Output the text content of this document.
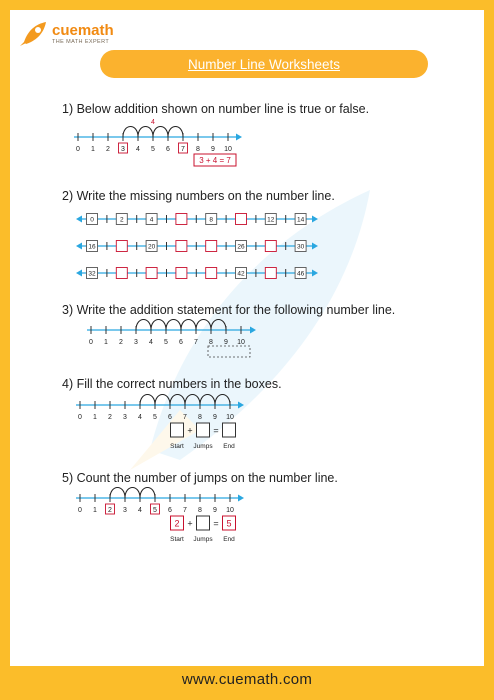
cuemath
THE MATH EXPERT
Number Line Worksheets
1) Below addition shown on number line is true or false.
2) Write the missing numbers on the number line.
3) Write the addition statement for the following number line.
4) Fill the correct numbers in the boxes.
5) Count the number of jumps on the number line.
0 1 2 3 4 5 6 7 8 9 10
4
3 + 4 = 7
0	2	4	8	12	14
16	20	26	30
32	42	46
0 1 2 3 4 5 6 7 8 9 10
0 1 2 3 4 5 6 7 8 9 10
Start Jumps End
+ =
0 1 2 3 4 5 6 7 8 9 10
2
Start Jumps
5
End
+ =
www.cuemath.com
